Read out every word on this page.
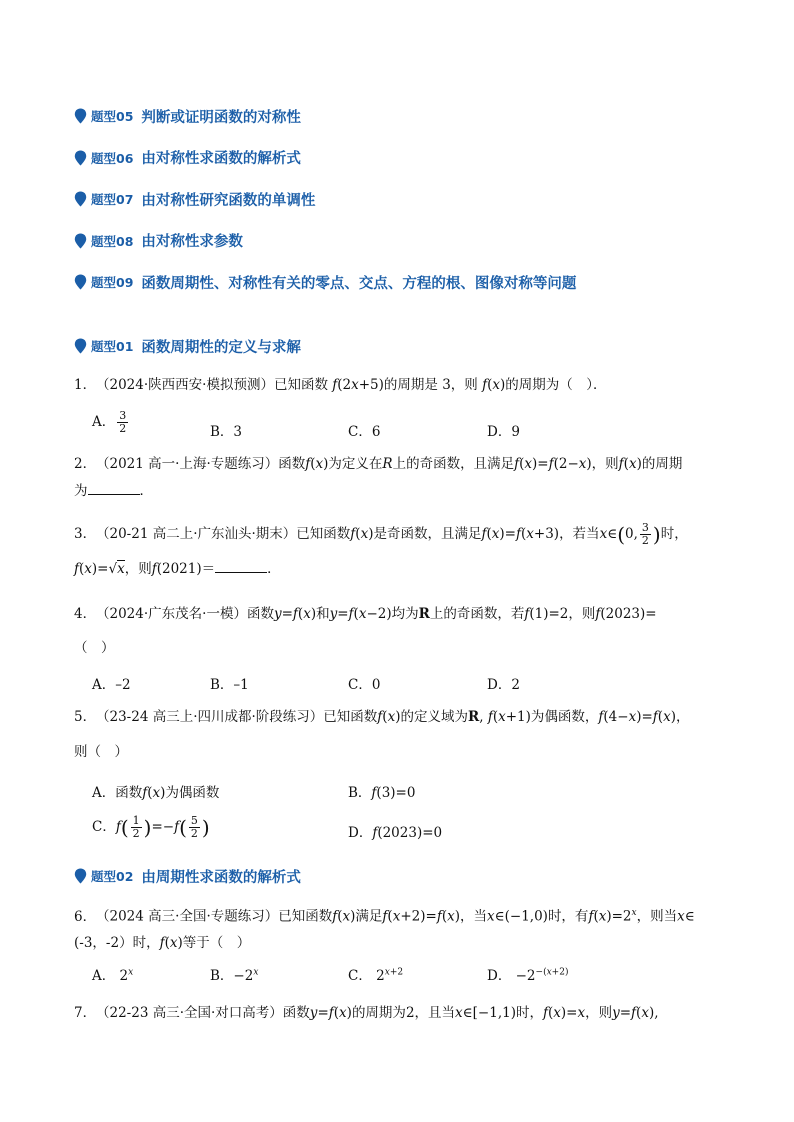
题型05 判断或证明函数的对称性
题型06 由对称性求函数的解析式
题型07 由对称性研究函数的单调性
题型08 由对称性求参数
题型09 函数周期性、对称性有关的零点、交点、方程的根、图像对称等问题
题型01 函数周期性的定义与求解
1．（2024·陕西西安·模拟预测）已知函数 f(2x+5)的周期是 3，则 f(x)的周期为（　）．
A． $\frac{3}{2}$	B．3	C．6	D．9
2．（2021 高一·上海·专题练习）函数f(x)为定义在R上的奇函数，且满足f(x)=f(2−x)，则f(x)的周期
为	．
3．（20-21 高二上·广东汕头·期末）已知函数f(x)是奇函数，且满足f(x)=f(x+3)，若当x∈(0, $\frac{3}{2}$ )时，
f(x)=√x，则f(2021)＝	．
4．（2024·广东茂名·一模）函数y=f(x)和y=f(x−2)均为R上的奇函数，若f(1)=2，则f(2023)=
（　）
A．–2	B．–1	C．0	D．2
5．（23-24 高三上·四川成都·阶段练习）已知函数f(x)的定义域为R, f(x+1)为偶函数，f(4−x)=f(x)，
则（　）
A．函数f(x)为偶函数	B．f(3)=0
C．$f( \frac{1}{2} )=-f( \frac{5}{2}$ )	D．f(2023)=0
题型02 由周期性求函数的解析式
6．（2024 高三·全国·专题练习）已知函数f(x)满足f(x+2)=f(x)，当x∈(−1,0)时，有$f(x)=2^x$，则当x∈
(-3，-2）时，f(x)等于（　）
A． 2$^x$	B．$-2^x$	C． $2^{x+2}$	D． $-2^{-(x+2)}$
7．（22-23 高三·全国·对口高考）函数y=f(x)的周期为2，且当x∈[−1,1)时，f(x)=x，则y=f(x),
